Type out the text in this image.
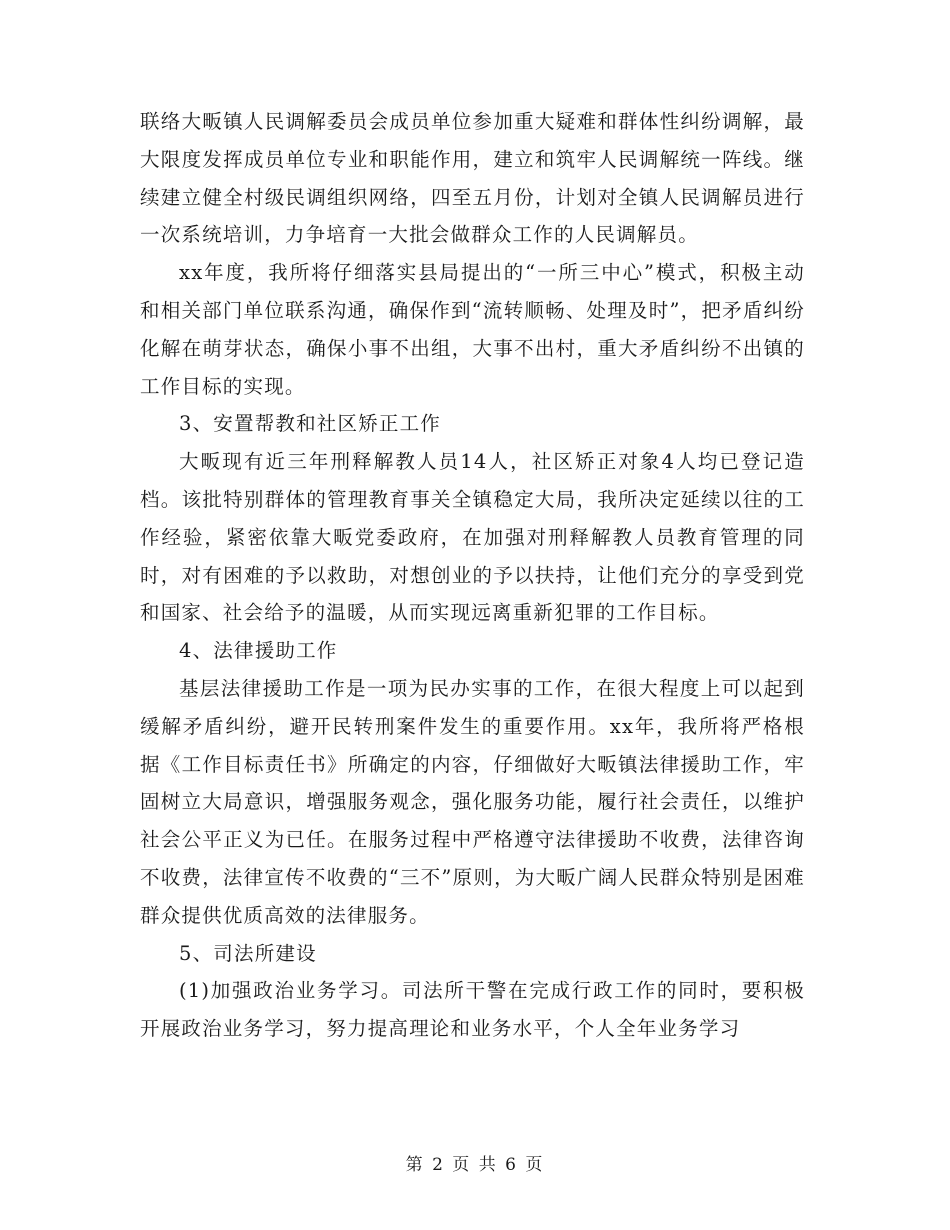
联络大畈镇人民调解委员会成员单位参加重大疑难和群体性纠纷调解，最大限度发挥成员单位专业和职能作用，建立和筑牢人民调解统一阵线。继续建立健全村级民调组织网络，四至五月份，计划对全镇人民调解员进行一次系统培训，力争培育一大批会做群众工作的人民调解员。

xx年度，我所将仔细落实县局提出的“一所三中心”模式，积极主动和相关部门单位联系沟通，确保作到“流转顺畅、处理及时”，把矛盾纠纷化解在萌芽状态，确保小事不出组，大事不出村，重大矛盾纠纷不出镇的工作目标的实现。

3、安置帮教和社区矫正工作

大畈现有近三年刑释解教人员14人，社区矫正对象4人均已登记造档。该批特别群体的管理教育事关全镇稳定大局，我所决定延续以往的工作经验，紧密依靠大畈党委政府，在加强对刑释解教人员教育管理的同时，对有困难的予以救助，对想创业的予以扶持，让他们充分的享受到党和国家、社会给予的温暖，从而实现远离重新犯罪的工作目标。

4、法律援助工作

基层法律援助工作是一项为民办实事的工作，在很大程度上可以起到缓解矛盾纠纷，避开民转刑案件发生的重要作用。xx年，我所将严格根据《工作目标责任书》所确定的内容，仔细做好大畈镇法律援助工作，牢固树立大局意识，增强服务观念，强化服务功能，履行社会责任，以维护社会公平正义为已任。在服务过程中严格遵守法律援助不收费，法律咨询不收费，法律宣传不收费的“三不”原则，为大畈广阔人民群众特别是困难群众提供优质高效的法律服务。

5、司法所建设

(1)加强政治业务学习。司法所干警在完成行政工作的同时，要积极开展政治业务学习，努力提高理论和业务水平，个人全年业务学习

第 2 页 共 6 页
